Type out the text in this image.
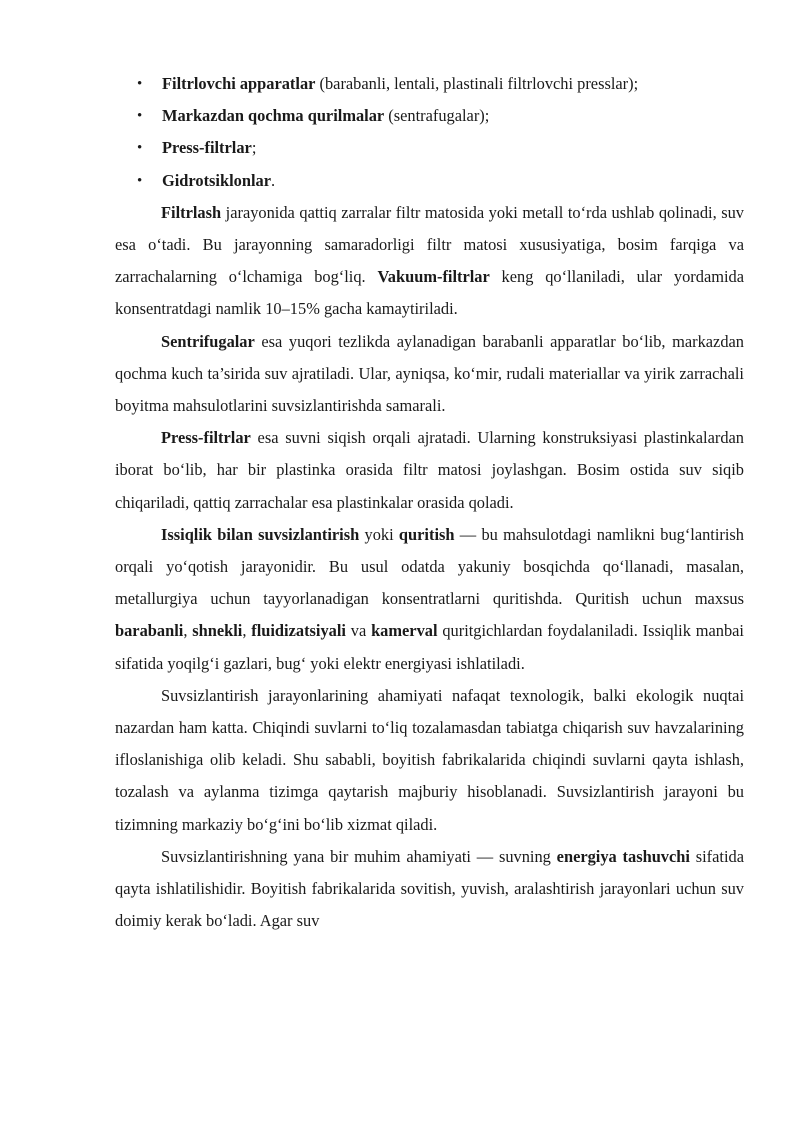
• Filtrlovchi apparatlar (barabanli, lentali, plastinali filtrlovchi presslar);
• Markazdan qochma qurilmalar (sentrafugalar);
• Press-filtrlar;
• Gidrotsiklonlar.

Filtrlash jarayonida qattiq zarralar filtr matosida yoki metall to‘rda ushlab qolinadi, suv esa o‘tadi. Bu jarayonning samaradorligi filtr matosi xususiyatiga, bosim farqiga va zarrachalarning o‘lchamiga bog‘liq. Vakuum-filtrlar keng qo‘llaniladi, ular yordamida konsentratdagi namlik 10–15% gacha kamaytiriladi.

Sentrifugalar esa yuqori tezlikda aylanadigan barabanli apparatlar bo‘lib, markazdan qochma kuch ta’sirida suv ajratiladi. Ular, ayniqsa, ko‘mir, rudali materiallar va yirik zarrachali boyitma mahsulotlarini suvsizlantirishda samarali.

Press-filtrlar esa suvni siqish orqali ajratadi. Ularning konstruksiyasi plastinkalardan iborat bo‘lib, har bir plastinka orasida filtr matosi joylashgan. Bosim ostida suv siqib chiqariladi, qattiq zarrachalar esa plastinkalar orasida qoladi.

Issiqlik bilan suvsizlantirish yoki quritish — bu mahsulotdagi namlikni bug‘lantirish orqali yo‘qotish jarayonidir. Bu usul odatda yakuniy bosqichda qo‘llanadi, masalan, metallurgiya uchun tayyorlanadigan konsentratlarni quritishda. Quritish uchun maxsus barabanli, shnekli, fluidizatsiyali va kamerval quritgichlardan foydalaniladi. Issiqlik manbai sifatida yoqilg‘i gazlari, bug‘ yoki elektr energiyasi ishlatiladi.

Suvsizlantirish jarayonlarining ahamiyati nafaqat texnologik, balki ekologik nuqtai nazardan ham katta. Chiqindi suvlarni to‘liq tozalamasdan tabiatga chiqarish suv havzalarining ifloslanishiga olib keladi. Shu sababli, boyitish fabrikalarida chiqindi suvlarni qayta ishlash, tozalash va aylanma tizimga qaytarish majburiy hisoblanadi. Suvsizlantirish jarayoni bu tizimning markaziy bo‘g‘ini bo‘lib xizmat qiladi.

Suvsizlantirishning yana bir muhim ahamiyati — suvning energiya tashuvchi sifatida qayta ishlatilishidir. Boyitish fabrikalarida sovitish, yuvish, aralashtirish jarayonlari uchun suv doimiy kerak bo‘ladi. Agar suv
